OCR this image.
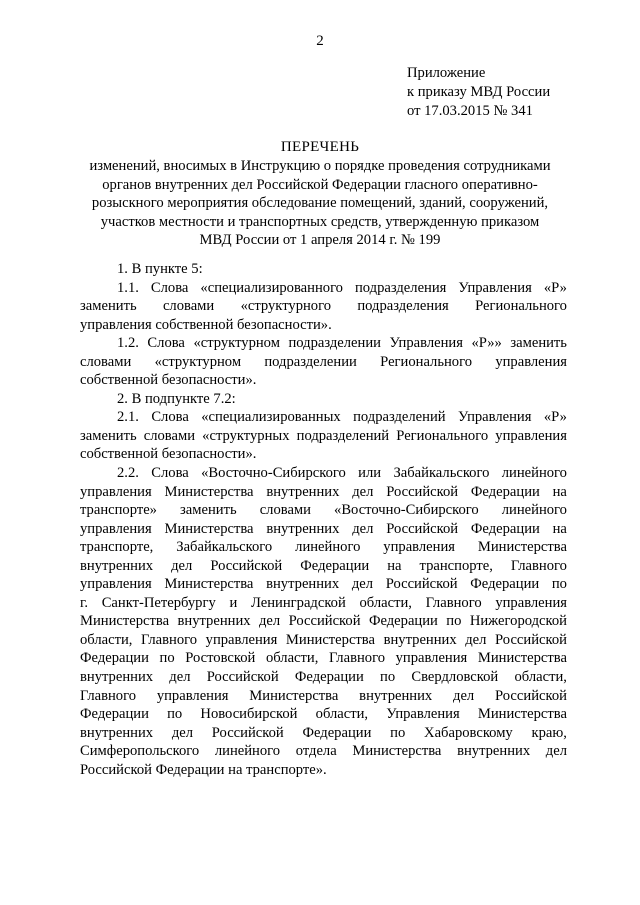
2
Приложение
к приказу МВД России
от 17.03.2015 № 341
ПЕРЕЧЕНЬ
изменений, вносимых в Инструкцию о порядке проведения сотрудниками
органов внутренних дел Российской Федерации гласного оперативно-
розыскного мероприятия обследование помещений, зданий, сооружений,
участков местности и транспортных средств, утвержденную приказом
МВД России от 1 апреля 2014 г. № 199
1. В пункте 5:
1.1. Слова «специализированного подразделения Управления «Р»
заменить словами «структурного подразделения Регионального
управления собственной безопасности».
1.2. Слова «структурном подразделении Управления «Р»» заменить
словами «структурном подразделении Регионального управления
собственной безопасности».
2. В подпункте 7.2:
2.1. Слова «специализированных подразделений Управления «Р»
заменить словами «структурных подразделений Регионального управления
собственной безопасности».
2.2. Слова «Восточно-Сибирского или Забайкальского линейного
управления Министерства внутренних дел Российской Федерации на
транспорте» заменить словами «Восточно-Сибирского линейного
управления Министерства внутренних дел Российской Федерации на
транспорте, Забайкальского линейного управления Министерства
внутренних дел Российской Федерации на транспорте, Главного
управления Министерства внутренних дел Российской Федерации по
г. Санкт-Петербургу и Ленинградской области, Главного управления
Министерства внутренних дел Российской Федерации по Нижегородской
области, Главного управления Министерства внутренних дел Российской
Федерации по Ростовской области, Главного управления Министерства
внутренних дел Российской Федерации по Свердловской области,
Главного управления Министерства внутренних дел Российской
Федерации по Новосибирской области, Управления Министерства
внутренних дел Российской Федерации по Хабаровскому краю,
Симферопольского линейного отдела Министерства внутренних дел
Российской Федерации на транспорте».
